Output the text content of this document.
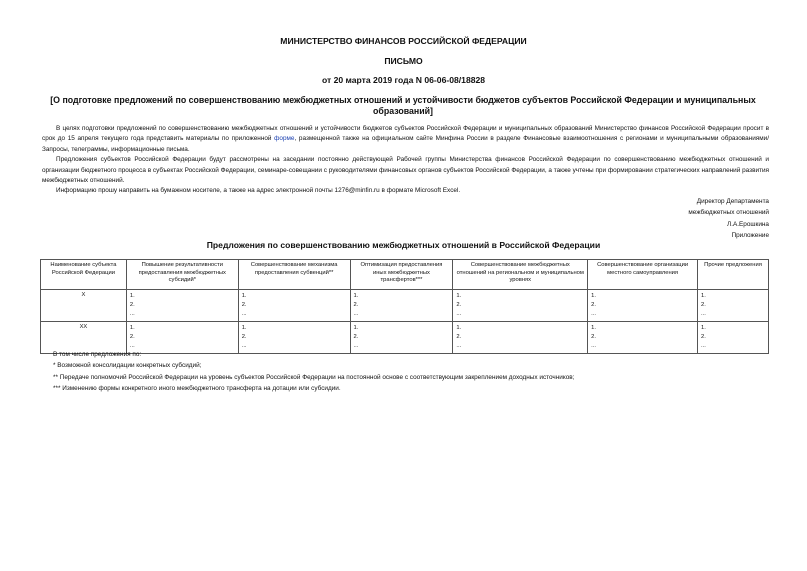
МИНИСТЕРСТВО ФИНАНСОВ РОССИЙСКОЙ ФЕДЕРАЦИИ
ПИСЬМО
от 20 марта 2019 года N 06-06-08/18828
[О подготовке предложений по совершенствованию межбюджетных отношений и устойчивости бюджетов субъектов Российской Федерации и муниципальных образований]

В целях подготовки предложений по совершенствованию межбюджетных отношений и устойчивости бюджетов субъектов Российской Федерации и муниципальных образований Министерство финансов Российской Федерации просит в срок до 15 апреля текущего года представить материалы по приложенной форме, размещенной также на официальном сайте Минфина России в разделе Финансовые взаимоотношения с регионами и муниципальными образованиями/Запросы, телеграммы, информационные письма.

Предложения субъектов Российской Федерации будут рассмотрены на заседании постоянно действующей Рабочей группы Министерства финансов Российской Федерации по совершенствованию межбюджетных отношений и организации бюджетного процесса в субъектах Российской Федерации, семинаре-совещании с руководителями финансовых органов субъектов Российской Федерации, а также учтены при формировании стратегических направлений развития межбюджетных отношений.

Информацию прошу направить на бумажном носителе, а также на адрес электронной почты 1276@minfin.ru в формате Microsoft Excel.

Директор Департамента
межбюджетных отношений
Л.А.Ерошкина
Приложение
Предложения по совершенствованию межбюджетных отношений в Российской Федерации
Наименование субъекта Российской Федерации	Повышение результативности предоставления межбюджетных субсидий*	Совершенствование механизма предоставления субвенций**	Оптимизация предоставления иных межбюджетных трансфертов***	Совершенствование межбюджетных отношений на региональном и муниципальном уровнях	Совершенствование организации местного самоуправления	Прочие предложения
Х	1.
2.
...	1.
2.
...	1.
2.
...	1.
2.
...	1.
2.
...	1.
2.
...

ХХ	1.
2.
...	1.
2.
...	1.
2.
...	1.
2.
...	1.
2.
...	1.
2.
...
В том числе предложения по:
* Возможной консолидации конкретных субсидий;
** Передаче полномочий Российской Федерации на уровень субъектов Российской Федерации на постоянной основе с соответствующим закреплением доходных источников;
*** Изменению формы конкретного иного межбюджетного трансферта на дотации или субсидии.
